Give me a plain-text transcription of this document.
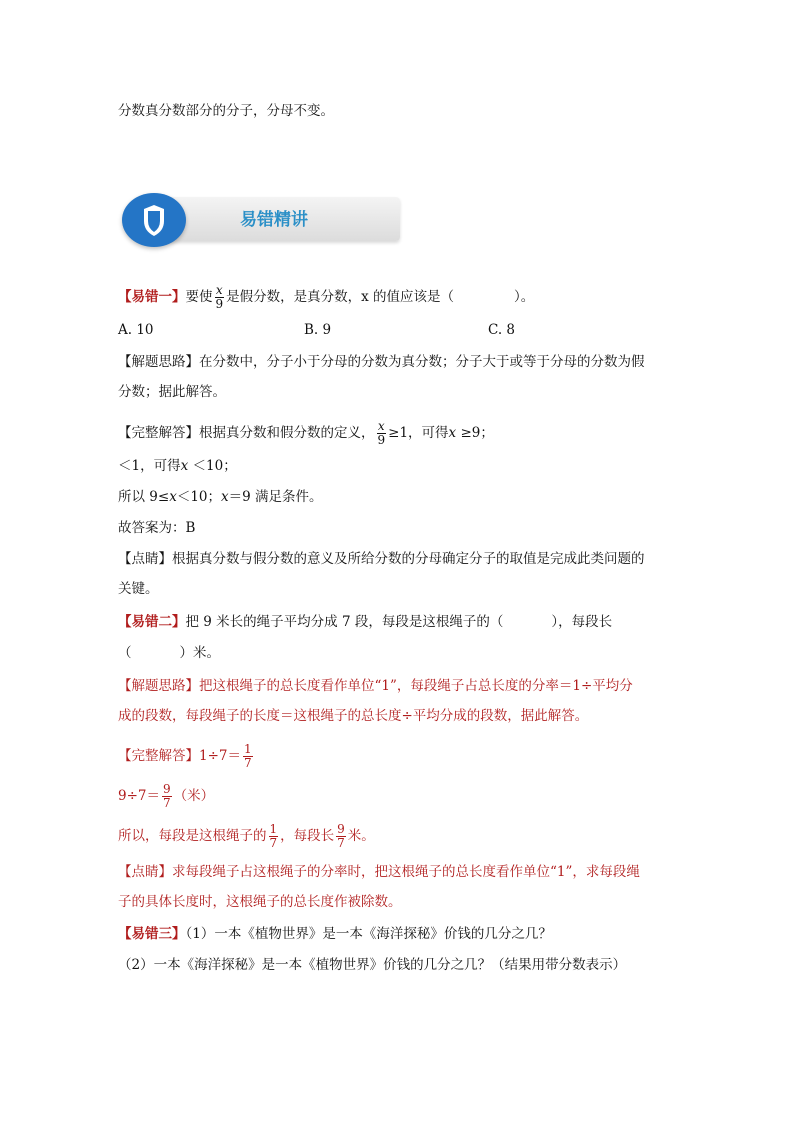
分数真分数部分的分子，分母不变。
易错精讲
【易错一】要使 $\frac{x}{9}$ 是假分数，是真分数，x 的值应该是（	）。
A. 10	B. 9	C. 8
【解题思路】在分数中，分子小于分母的分数为真分数；分子大于或等于分母的分数为假
分数；据此解答。
【完整解答】根据真分数和假分数的定义， $\frac{x}{9} \ge 1$，可得x ≥9；
＜1，可得x ＜10；
所以 9≤x＜10；x＝9 满足条件。
故答案为：B
【点睛】根据真分数与假分数的意义及所给分数的分母确定分子的取值是完成此类问题的
关键。
【易错二】把 9 米长的绳子平均分成 7 段，每段是这根绳子的（	），每段长
（	）米。
【解题思路】把这根绳子的总长度看作单位“1”，每段绳子占总长度的分率＝1÷平均分
成的段数，每段绳子的长度＝这根绳子的总长度÷平均分成的段数，据此解答。
【完整解答】$1\div 7= \frac{1}{7}$
$9\div 7= \frac{9}{7}$ （米）
所以，每段是这根绳子的 $\frac{1}{7}$ ，每段长 $\frac{9}{7}$ 米。
【点睛】求每段绳子占这根绳子的分率时，把这根绳子的总长度看作单位“1”，求每段绳
子的具体长度时，这根绳子的总长度作被除数。
【易错三】（1）一本《植物世界》是一本《海洋探秘》价钱的几分之几？
（2）一本《海洋探秘》是一本《植物世界》价钱的几分之几？（结果用带分数表示）
